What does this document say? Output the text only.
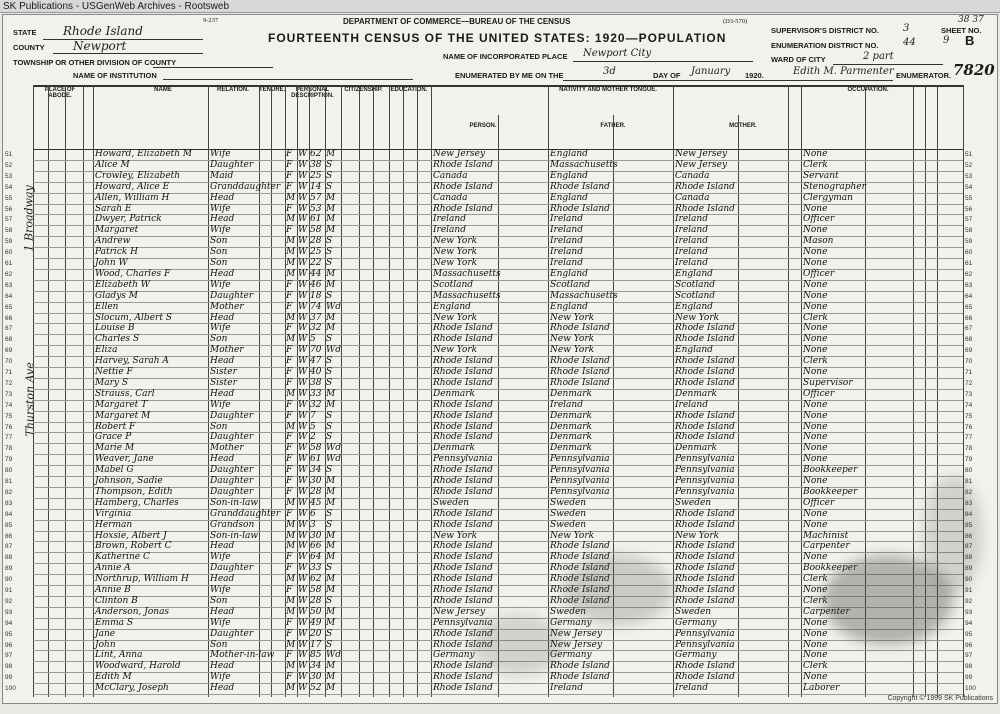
SK Publications - USGenWeb Archives - Rootsweb
9-237	DEPARTMENT OF COMMERCE—BUREAU OF THE CENSUS	(D3-570)
STATE Rhode Island	FOURTEENTH CENSUS OF THE UNITED STATES: 1920—POPULATION
COUNTY Newport
TOWNSHIP OR OTHER DIVISION OF COUNTY
NAME OF INCORPORATED PLACE Newport City
SUPERVISOR'S DISTRICT NO. 3	SHEET NO.
9 B
38 37
ENUMERATION DISTRICT NO. 44
WARD OF CITY	2 part
NAME OF INSTITUTION	ENUMERATED BY ME ON THE	3d	DAY OF January 1920.	Edith M. Parmenter ENUMERATOR. 7820
PLACE OF ABODE.
NAME	RELATION.	TENURE.	PERSONAL DESCRIPTION.
CITIZENSHIP.	EDUCATION.	NATIVITY AND MOTHER TONGUE.
PERSON.	FATHER.	MOTHER.
OCCUPATION.
1 Broadway
Thurston Ave
51	Howard, Elizabeth M	Wife	F W 62 M	New Jersey	England	New Jersey	None	51
52	Alice M	Daughter	F W 38 S	Rhode Island	Massachusetts	New Jersey	Clerk	52
53	Crowley, Elizabeth	Maid	F W 25 S	Canada	England	Canada	Servant	53
54	Howard, Alice E	Granddaughter F W 14 S	Rhode Island	Rhode Island	Rhode Island	Stenographer	54
55	Allen, William H	Head	M W 57 M	Canada	England	Canada	Clergyman	55
56	Sarah E	Wife	F W 53 M	Rhode Island	Rhode Island	Rhode Island	None	56
57	Dwyer, Patrick	Head	M W 61 M	Ireland	Ireland	Ireland	Officer	57
58	Margaret	Wife	F W 58 M	Ireland	Ireland	Ireland	None	58
59	Andrew	Son	M W 28 S	New York	Ireland	Ireland	Mason	59
60	Patrick H	Son	M W 25 S	New York	Ireland	Ireland	None	60
61	John W	Son	M W 22 S	New York	Ireland	Ireland	None	61
62	Wood, Charles F	Head	M W 44 M	Massachusetts	England	England	Officer	62
63	Elizabeth W	Wife	F W 46 M	Scotland	Scotland	Scotland	None	63
64	Gladys M	Daughter	F W 18 S	Massachusetts	Massachusetts	Scotland	None	64
65	Ellen	Mother	F W 74 Wd	England	England	England	None	65
66	Slocum, Albert S	Head	M W 37 M	New York	New York	New York	Clerk	66
67	Louise B	Wife	F W 32 M	Rhode Island	Rhode Island	Rhode Island	None	67
68	Charles S	Son	M W 5	S	Rhode Island	New York	Rhode Island	None	68
69	Eliza	Mother	F W 70 Wd	New York	New York	England	None	69
70	Harvey, Sarah A	Head	F W 47 S	Rhode Island	Rhode Island	Rhode Island	Clerk	70
71	Nettie F	Sister	F W 40 S	Rhode Island	Rhode Island	Rhode Island	None	71
72	Mary S	Sister	F W 38 S	Rhode Island	Rhode Island	Rhode Island	Supervisor	72
73	Strauss, Carl	Head	M W 33 M	Denmark	Denmark	Denmark	Officer	73
74	Margaret T	Wife	F W 32 M	Rhode Island	Ireland	Ireland	None	74
75	Margaret M	Daughter	F W 7	S	Rhode Island	Denmark	Rhode Island	None	75
76	Robert F	Son	M W 5	S	Rhode Island	Denmark	Rhode Island	None	76
77	Grace P	Daughter	F W 2	S	Rhode Island	Denmark	Rhode Island	None	77
78	Marie M	Mother	F W 58 Wd	Denmark	Denmark	Denmark	None	78
79	Weaver, Jane	Head	F W 61 Wd	Pennsylvania	Pennsylvania	Pennsylvania	None	79
80	Mabel G	Daughter	F W 34 S	Rhode Island	Pennsylvania	Pennsylvania	Bookkeeper	80
81	Johnson, Sadie	Daughter	F W 30 M	Rhode Island	Pennsylvania	Pennsylvania	None	81
82	Thompson, Edith	Daughter	F W 28 M	Rhode Island	Pennsylvania	Pennsylvania	Bookkeeper	82
83	Hamberg, Charles	Son-in-law	M W 45 M	Sweden	Sweden	Sweden	Officer	83
84	Virginia	Granddaughter F W 6	S	Rhode Island	Sweden	Rhode Island	None	84
85	Herman	Grandson	M W 3	S	Rhode Island	Sweden	Rhode Island	None	85
86	Hoxsie, Albert J	Son-in-law	M W 30 M	New York	New York	New York	Machinist	86
87	Brown, Robert C	Head	M W 66 M	Rhode Island	Rhode Island	Rhode Island	Carpenter	87
88	Katherine C	Wife	F W 64 M	Rhode Island	Rhode Island	Rhode Island	None	88
89	Annie A	Daughter	F W 33 S	Rhode Island	Rhode Island	Rhode Island	Bookkeeper	89
90	Northrup, William H	Head	M W 62 M	Rhode Island	Rhode Island	Rhode Island	Clerk	90
91	Annie B	Wife	F W 58 M	Rhode Island	Rhode Island	Rhode Island	None	91
92	Clinton B	Son	M W 28 S	Rhode Island	Rhode Island	Rhode Island	Clerk	92
93	Anderson, Jonas	Head	M W 50 M	New Jersey	Sweden	Sweden	Carpenter	93
94	Emma S	Wife	F W 49 M	Pennsylvania	Germany	Germany	None	94
95	Jane	Daughter	F W 20 S	Rhode Island	New Jersey	Pennsylvania	None	95
96	John	Son	M W 17 S	Rhode Island	New Jersey	Pennsylvania	None	96
97	Lint, Anna	Mother-in-law F W 85 Wd	Germany	Germany	Germany	None	97
98	Woodward, Harold	Head	M W 34 M	Rhode Island	Rhode Island	Rhode Island	Clerk	98
99	Edith M	Wife	F W 30 M	Rhode Island	Rhode Island	Rhode Island	None	99
100	McClary, Joseph	Head	M W 52 M	Rhode Island	Ireland	Ireland	Laborer	100
Copyright © 1999 SK Publications
